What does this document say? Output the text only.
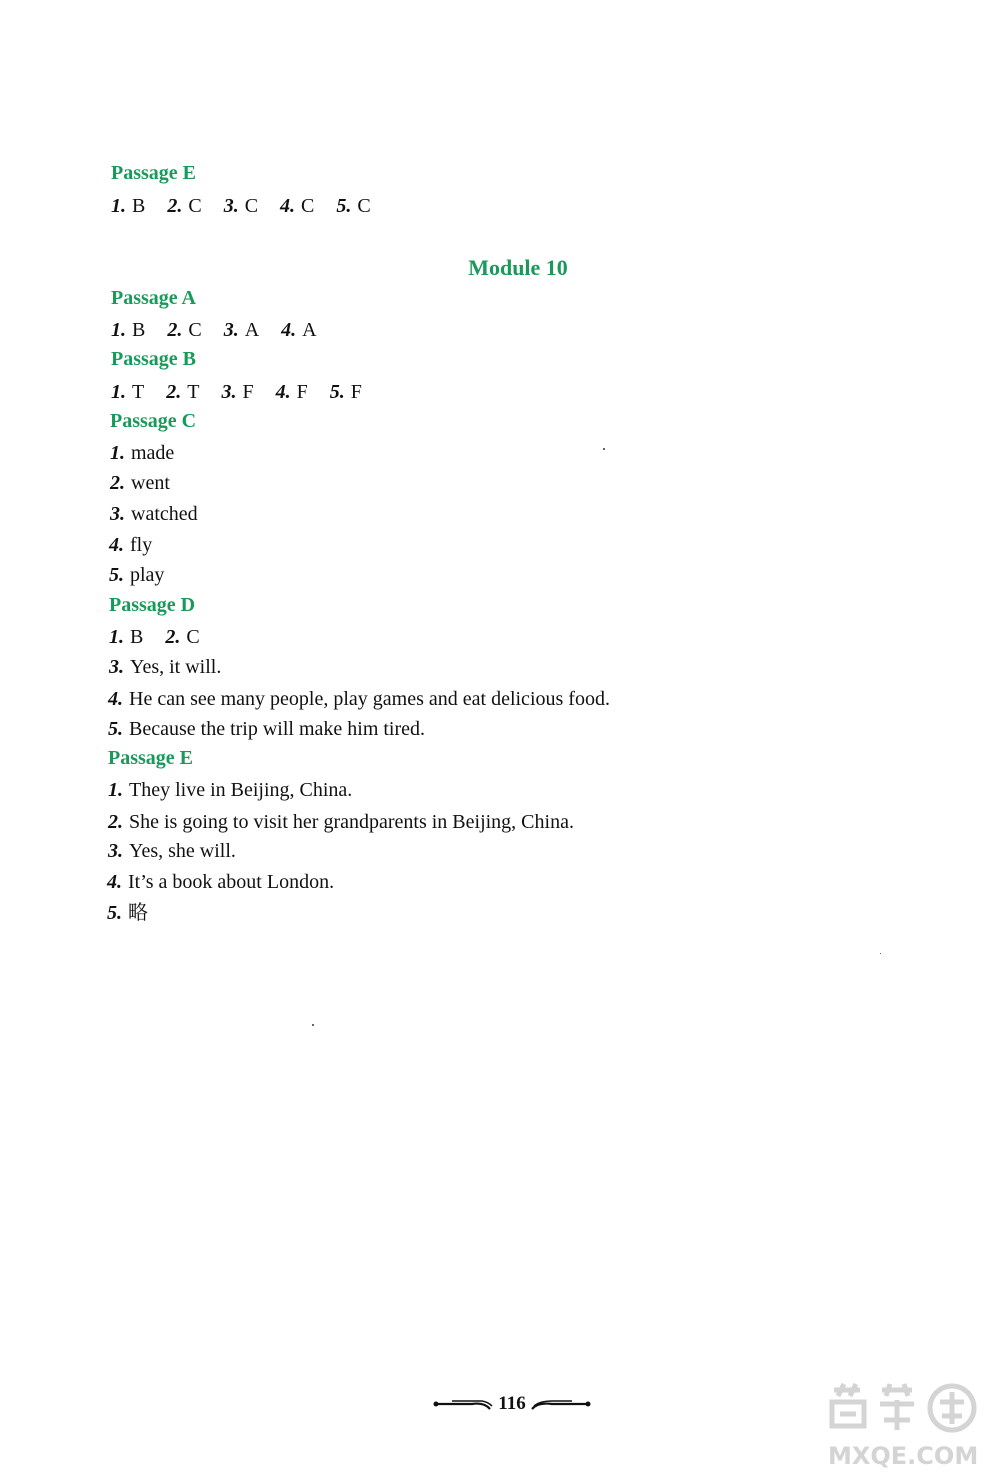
Passage E
1. B 2. C 3. C 4. C 5. C
Module 10
Passage A
1. B 2. C 3. A 4. A
Passage B
1. T 2. T 3. F 4. F 5. F
Passage C
1. made
2. went
3. watched
4. fly
5. play
Passage D
1. B 2. C
3. Yes, it will.
4. He can see many people, play games and eat delicious food.
5. Because the trip will make him tired.
Passage E
1. They live in Beijing, China.
2. She is going to visit her grandparents in Beijing, China.
3. Yes, she will.
4. It’s a book about London.
5. 略
116
MXQE.COM
